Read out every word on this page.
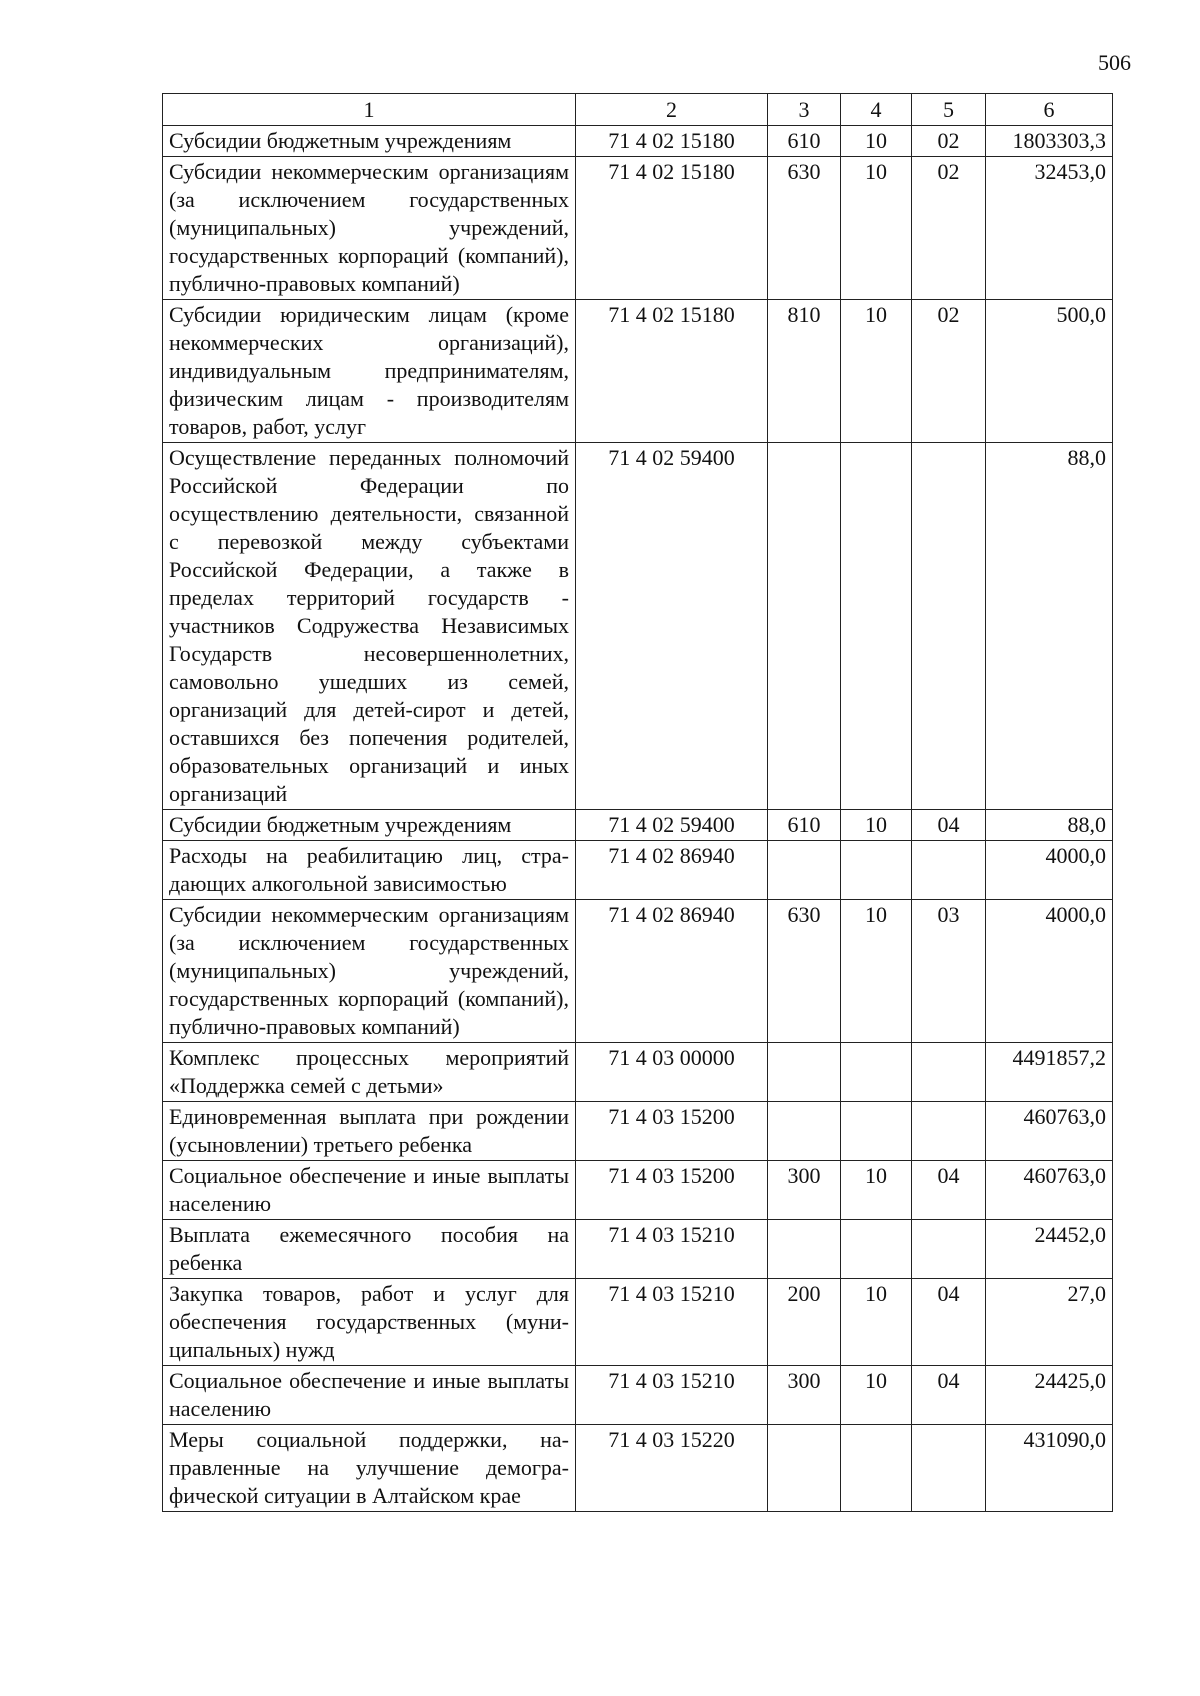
506
1	2	3	4	5	6
Субсидии бюджетным учреждениям	71 4 02 15180	610	10	02	1803303,3
Субсидии некоммерческим организациям (за исключением государственных (муниципальных) учреждений, государственных корпораций (компаний), публично-правовых компаний)	71 4 02 15180	630	10	02	32453,0
Субсидии юридическим лицам (кроме некоммерческих организаций), индивидуальным предпринимателям, физическим лицам - производителям товаров, работ, услуг	71 4 02 15180	810	10	02	500,0
Осуществление переданных полномочий Российской Федерации по осуществлению деятельности, связанной с перевозкой между субъектами Российской Федерации, а также в пределах территорий государств - участников Содружества Независимых Государств несовершеннолетних, самовольно ушедших из семей, организаций для детей-сирот и детей, оставшихся без попечения родителей, образовательных организаций и иных организаций	71 4 02 59400				88,0
Субсидии бюджетным учреждениям	71 4 02 59400	610	10	04	88,0
Расходы на реабилитацию лиц, страдающих алкогольной зависимостью	71 4 02 86940				4000,0
Субсидии некоммерческим организациям (за исключением государственных (муниципальных) учреждений, государственных корпораций (компаний), публично-правовых компаний)	71 4 02 86940	630	10	03	4000,0
Комплекс процессных мероприятий «Поддержка семей с детьми»	71 4 03 00000				4491857,2
Единовременная выплата при рождении (усыновлении) третьего ребенка	71 4 03 15200				460763,0
Социальное обеспечение и иные выплаты населению	71 4 03 15200	300	10	04	460763,0
Выплата ежемесячного пособия на ребенка	71 4 03 15210				24452,0
Закупка товаров, работ и услуг для обеспечения государственных (муниципальных) нужд	71 4 03 15210	200	10	04	27,0
Социальное обеспечение и иные выплаты населению	71 4 03 15210	300	10	04	24425,0
Меры социальной поддержки, направленные на улучшение демографической ситуации в Алтайском крае	71 4 03 15220				431090,0
